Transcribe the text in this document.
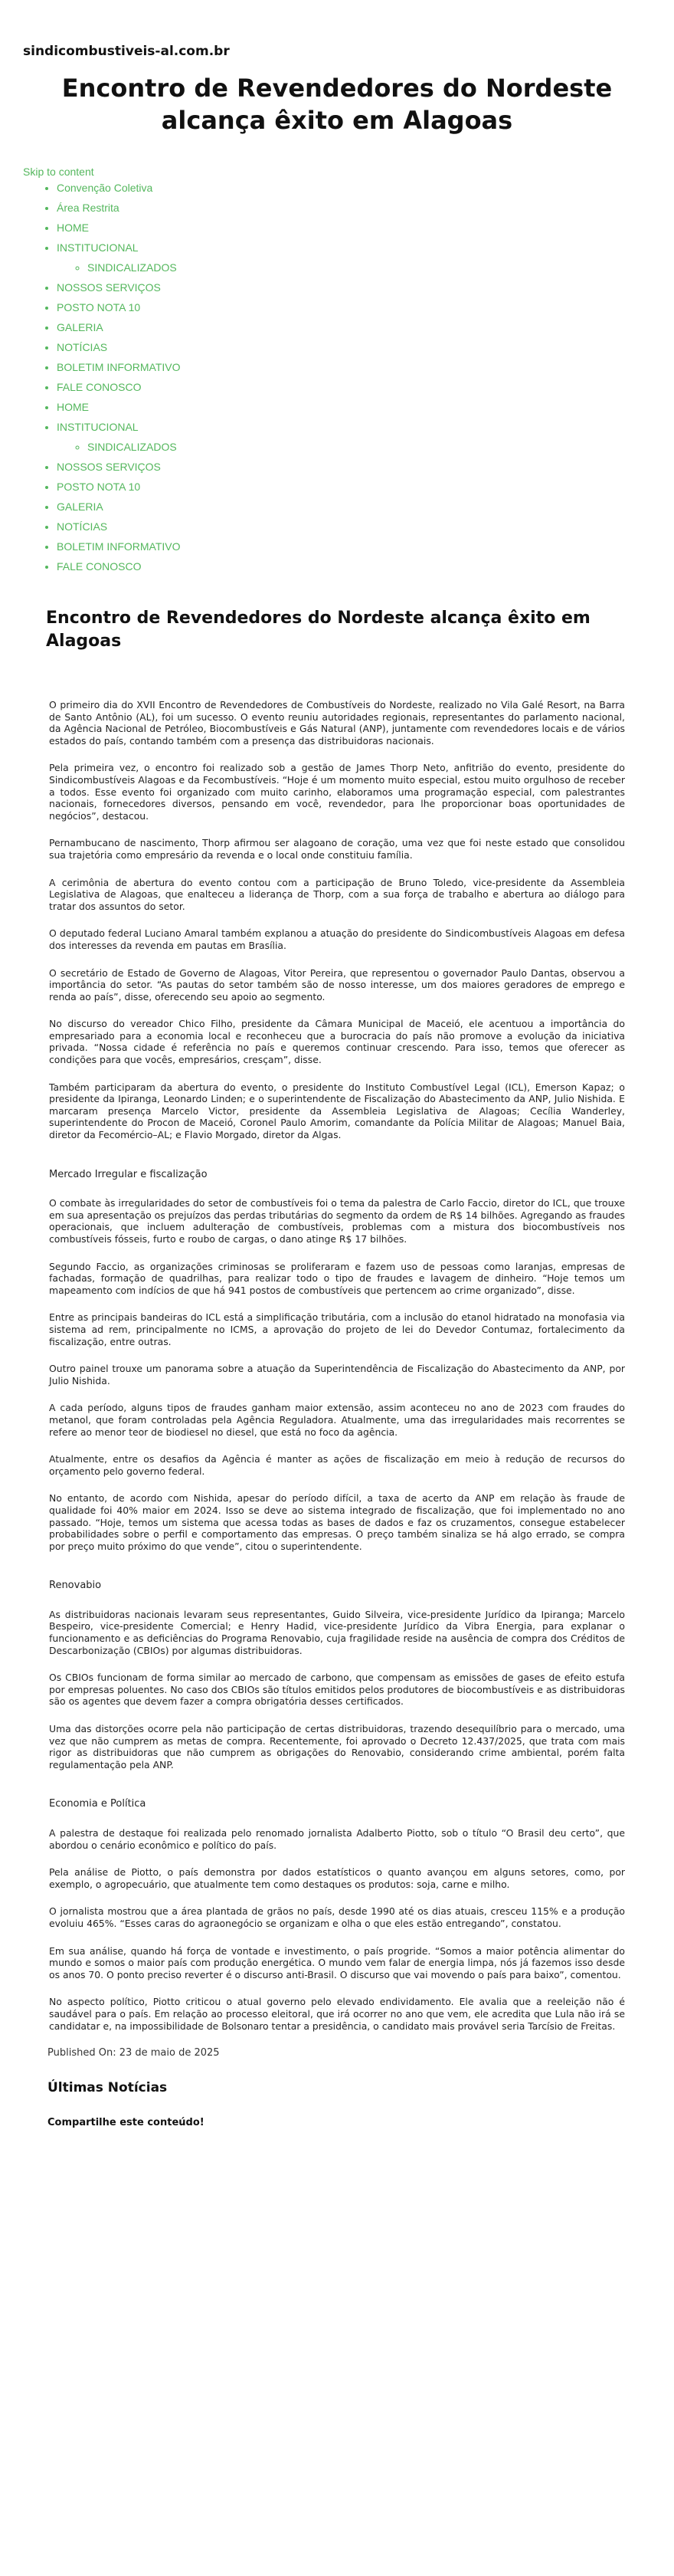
sindicombustiveis-al.com.br
Encontro de Revendedores do Nordeste alcança êxito em Alagoas
Skip to content
• Convenção Coletiva
• Área Restrita
• HOME
• INSTITUCIONAL
◦ SINDICALIZADOS
• NOSSOS SERVIÇOS
• POSTO NOTA 10
• GALERIA
• NOTÍCIAS
• BOLETIM INFORMATIVO
• FALE CONOSCO
• HOME
• INSTITUCIONAL
◦ SINDICALIZADOS
• NOSSOS SERVIÇOS
• POSTO NOTA 10
• GALERIA
• NOTÍCIAS
• BOLETIM INFORMATIVO
• FALE CONOSCO
Encontro de Revendedores do Nordeste alcança êxito em Alagoas

O primeiro dia do XVII Encontro de Revendedores de Combustíveis do Nordeste, realizado no Vila Galé Resort, na Barra de Santo Antônio (AL), foi um sucesso. O evento reuniu autoridades regionais, representantes do parlamento nacional, da Agência Nacional de Petróleo, Biocombustíveis e Gás Natural (ANP), juntamente com revendedores locais e de vários estados do país, contando também com a presença das distribuidoras nacionais.

Pela primeira vez, o encontro foi realizado sob a gestão de James Thorp Neto, anfitrião do evento, presidente do Sindicombustíveis Alagoas e da Fecombustíveis. “Hoje é um momento muito especial, estou muito orgulhoso de receber a todos. Esse evento foi organizado com muito carinho, elaboramos uma programação especial, com palestrantes nacionais, fornecedores diversos, pensando em você, revendedor, para lhe proporcionar boas oportunidades de negócios”, destacou.

Pernambucano de nascimento, Thorp afirmou ser alagoano de coração, uma vez que foi neste estado que consolidou sua trajetória como empresário da revenda e o local onde constituiu família.

A cerimônia de abertura do evento contou com a participação de Bruno Toledo, vice-presidente da Assembleia Legislativa de Alagoas, que enalteceu a liderança de Thorp, com a sua força de trabalho e abertura ao diálogo para tratar dos assuntos do setor.

O deputado federal Luciano Amaral também explanou a atuação do presidente do Sindicombustíveis Alagoas em defesa dos interesses da revenda em pautas em Brasília.

O secretário de Estado de Governo de Alagoas, Vitor Pereira, que representou o governador Paulo Dantas, observou a importância do setor. “As pautas do setor também são de nosso interesse, um dos maiores geradores de emprego e renda ao país”, disse, oferecendo seu apoio ao segmento.

No discurso do vereador Chico Filho, presidente da Câmara Municipal de Maceió, ele acentuou a importância do empresariado para a economia local e reconheceu que a burocracia do país não promove a evolução da iniciativa privada. “Nossa cidade é referência no país e queremos continuar crescendo. Para isso, temos que oferecer as condições para que vocês, empresários, cresçam”, disse.

Também participaram da abertura do evento, o presidente do Instituto Combustível Legal (ICL), Emerson Kapaz; o presidente da Ipiranga, Leonardo Linden; e o superintendente de Fiscalização do Abastecimento da ANP, Julio Nishida. E marcaram presença Marcelo Victor, presidente da Assembleia Legislativa de Alagoas; Cecília Wanderley, superintendente do Procon de Maceió, Coronel Paulo Amorim, comandante da Polícia Militar de Alagoas; Manuel Baia, diretor da Fecomércio–AL; e Flavio Morgado, diretor da Algas.

Mercado Irregular e fiscalização

O combate às irregularidades do setor de combustíveis foi o tema da palestra de Carlo Faccio, diretor do ICL, que trouxe em sua apresentação os prejuízos das perdas tributárias do segmento da ordem de R$ 14 bilhões. Agregando as fraudes operacionais, que incluem adulteração de combustíveis, problemas com a mistura dos biocombustíveis nos combustíveis fósseis, furto e roubo de cargas, o dano atinge R$ 17 bilhões.

Segundo Faccio, as organizações criminosas se proliferaram e fazem uso de pessoas como laranjas, empresas de fachadas, formação de quadrilhas, para realizar todo o tipo de fraudes e lavagem de dinheiro. “Hoje temos um mapeamento com indícios de que há 941 postos de combustíveis que pertencem ao crime organizado”, disse.

Entre as principais bandeiras do ICL está a simplificação tributária, com a inclusão do etanol hidratado na monofasia via sistema ad rem, principalmente no ICMS, a aprovação do projeto de lei do Devedor Contumaz, fortalecimento da fiscalização, entre outras.

Outro painel trouxe um panorama sobre a atuação da Superintendência de Fiscalização do Abastecimento da ANP, por Julio Nishida.

A cada período, alguns tipos de fraudes ganham maior extensão, assim aconteceu no ano de 2023 com fraudes do metanol, que foram controladas pela Agência Reguladora. Atualmente, uma das irregularidades mais recorrentes se refere ao menor teor de biodiesel no diesel, que está no foco da agência.

Atualmente, entre os desafios da Agência é manter as ações de fiscalização em meio à redução de recursos do orçamento pelo governo federal.

No entanto, de acordo com Nishida, apesar do período difícil, a taxa de acerto da ANP em relação às fraude de qualidade foi 40% maior em 2024. Isso se deve ao sistema integrado de fiscalização, que foi implementado no ano passado. “Hoje, temos um sistema que acessa todas as bases de dados e faz os cruzamentos, consegue estabelecer probabilidades sobre o perfil e comportamento das empresas. O preço também sinaliza se há algo errado, se compra por preço muito próximo do que vende”, citou o superintendente.

Renovabio

As distribuidoras nacionais levaram seus representantes, Guido Silveira, vice-presidente Jurídico da Ipiranga; Marcelo Bespeiro, vice-presidente Comercial; e Henry Hadid, vice-presidente Jurídico da Vibra Energia, para explanar o funcionamento e as deficiências do Programa Renovabio, cuja fragilidade reside na ausência de compra dos Créditos de Descarbonização (CBIOs) por algumas distribuidoras.

Os CBIOs funcionam de forma similar ao mercado de carbono, que compensam as emissões de gases de efeito estufa por empresas poluentes. No caso dos CBIOs são títulos emitidos pelos produtores de biocombustíveis e as distribuidoras são os agentes que devem fazer a compra obrigatória desses certificados.

Uma das distorções ocorre pela não participação de certas distribuidoras, trazendo desequilíbrio para o mercado, uma vez que não cumprem as metas de compra. Recentemente, foi aprovado o Decreto 12.437/2025, que trata com mais rigor as distribuidoras que não cumprem as obrigações do Renovabio, considerando crime ambiental, porém falta regulamentação pela ANP.

Economia e Política

A palestra de destaque foi realizada pelo renomado jornalista Adalberto Piotto, sob o título “O Brasil deu certo”, que abordou o cenário econômico e político do país.

Pela análise de Piotto, o país demonstra por dados estatísticos o quanto avançou em alguns setores, como, por exemplo, o agropecuário, que atualmente tem como destaques os produtos: soja, carne e milho.

O jornalista mostrou que a área plantada de grãos no país, desde 1990 até os dias atuais, cresceu 115% e a produção evoluiu 465%. “Esses caras do agraonegócio se organizam e olha o que eles estão entregando”, constatou.

Em sua análise, quando há força de vontade e investimento, o país progride. “Somos a maior potência alimentar do mundo e somos o maior país com produção energética. O mundo vem falar de energia limpa, nós já fazemos isso desde os anos 70. O ponto preciso reverter é o discurso anti-Brasil. O discurso que vai movendo o país para baixo”, comentou.

No aspecto político, Piotto criticou o atual governo pelo elevado endividamento. Ele avalia que a reeleição não é saudável para o país. Em relação ao processo eleitoral, que irá ocorrer no ano que vem, ele acredita que Lula não irá se candidatar e, na impossibilidade de Bolsonaro tentar a presidência, o candidato mais provável seria Tarcísio de Freitas.

Published On: 23 de maio de 2025
Últimas Notícias
Compartilhe este conteúdo!
